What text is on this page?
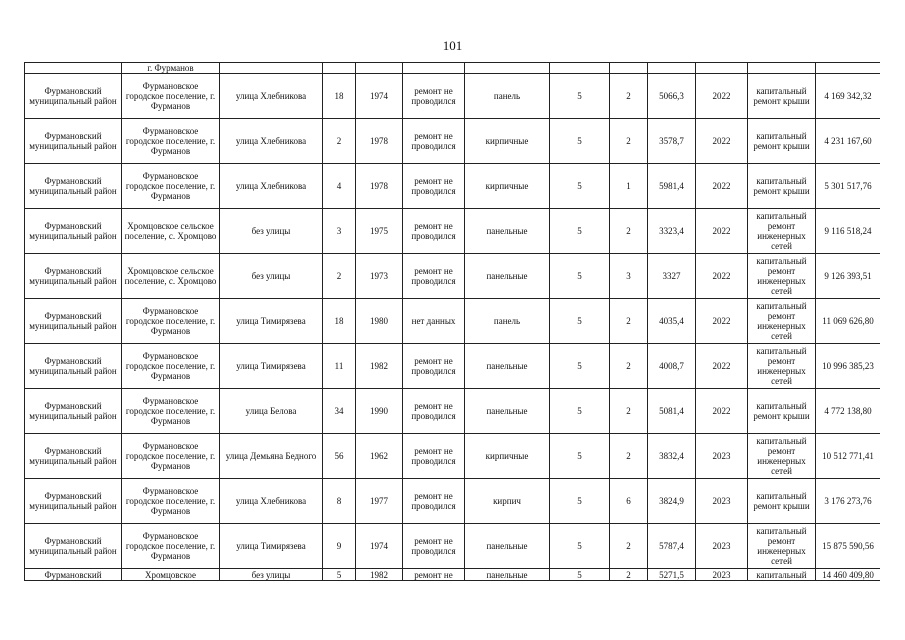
101
	г. Фурманов											
Фурмановский муниципальный район	Фурмановское городское поселение, г. Фурманов	улица Хлебникова	18	1974	ремонт не проводился	панель	5	2	5066,3	2022	капитальный ремонт крыши	4 169 342,32
Фурмановский муниципальный район	Фурмановское городское поселение, г. Фурманов	улица Хлебникова	2	1978	ремонт не проводился	кирпичные	5	2	3578,7	2022	капитальный ремонт крыши	4 231 167,60
Фурмановский муниципальный район	Фурмановское городское поселение, г. Фурманов	улица Хлебникова	4	1978	ремонт не проводился	кирпичные	5	1	5981,4	2022	капитальный ремонт крыши	5 301 517,76
Фурмановский муниципальный район	Хромцовское сельское поселение, с. Хромцово	без улицы	3	1975	ремонт не проводился	панельные	5	2	3323,4	2022	капитальный ремонт инженерных сетей	9 116 518,24
Фурмановский муниципальный район	Хромцовское сельское поселение, с. Хромцово	без улицы	2	1973	ремонт не проводился	панельные	5	3	3327	2022	капитальный ремонт инженерных сетей	9 126 393,51
Фурмановский муниципальный район	Фурмановское городское поселение, г. Фурманов	улица Тимирязева	18	1980	нет данных	панель	5	2	4035,4	2022	капитальный ремонт инженерных сетей	11 069 626,80
Фурмановский муниципальный район	Фурмановское городское поселение, г. Фурманов	улица Тимирязева	11	1982	ремонт не проводился	панельные	5	2	4008,7	2022	капитальный ремонт инженерных сетей	10 996 385,23
Фурмановский муниципальный район	Фурмановское городское поселение, г. Фурманов	улица Белова	34	1990	ремонт не проводился	панельные	5	2	5081,4	2022	капитальный ремонт крыши	4 772 138,80
Фурмановский муниципальный район	Фурмановское городское поселение, г. Фурманов	улица Демьяна Бедного	56	1962	ремонт не проводился	кирпичные	5	2	3832,4	2023	капитальный ремонт инженерных сетей	10 512 771,41
Фурмановский муниципальный район	Фурмановское городское поселение, г. Фурманов	улица Хлебникова	8	1977	ремонт не проводился	кирпич	5	6	3824,9	2023	капитальный ремонт крыши	3 176 273,76
Фурмановский муниципальный район	Фурмановское городское поселение, г. Фурманов	улица Тимирязева	9	1974	ремонт не проводился	панельные	5	2	5787,4	2023	капитальный ремонт инженерных сетей	15 875 590,56
Фурмановский	Хромцовское	без улицы	5	1982	ремонт не	панельные	5	2	5271,5	2023	капитальный	14 460 409,80
